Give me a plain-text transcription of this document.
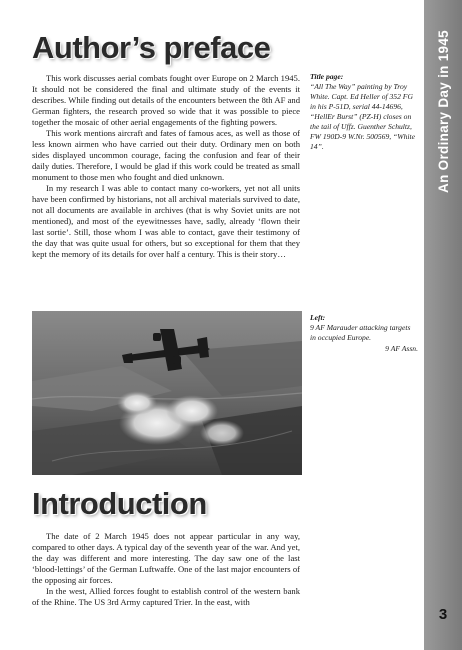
An Ordinary Day in 1945
3
Author’s preface

This work discusses aerial combats fought over Europe on 2 March 1945. It should not be considered the final and ultimate study of the events it describes. While finding out details of the encounters between the 8th AF and German fighters, the research proved so wide that it was possible to piece together the mosaic of other aerial engagements of the fighting powers.

This work mentions aircraft and fates of famous aces, as well as those of less known airmen who have carried out their duty. Ordinary men on both sides displayed uncommon courage, facing the confusion and fear of their daily duties. Therefore, I would be glad if this work could be treated as small monument to those men who fought and died unknown.

In my research I was able to contact many co-workers, yet not all units have been confirmed by historians, not all archival materials survived to date, not all documents are available in archives (that is why Soviet units are not mentioned), and most of the eyewitnesses have, sadly, already ‘flown their last sortie’. Still, those whom I was able to contact, gave their testimony of the day that was quite usual for others, but so exceptional for them that they kept the memory of its details for over half a century. This is their story…

Title page:
“All The Way” painting by Troy White. Capt. Ed Heller of 352 FG in his P-51D, serial 44-14696, “HellEr Burst” (PZ-H) closes on the tail of Uffz. Guenther Schultz, FW 190D-9 W.Nr. 500569, “White 14”.
Left:
9 AF Marauder attacking targets in occupied Europe.
9 AF Assn.
Introduction

The date of 2 March 1945 does not appear particular in any way, compared to other days. A typical day of the seventh year of the war. And yet, the day was different and more interesting. The day saw one of the last ‘blood-lettings’ of the German Luftwaffe. One of the last major encounters of the opposing air forces.

In the west, Allied forces fought to establish control of the western bank of the Rhine. The US 3rd Army captured Trier. In the east, with
